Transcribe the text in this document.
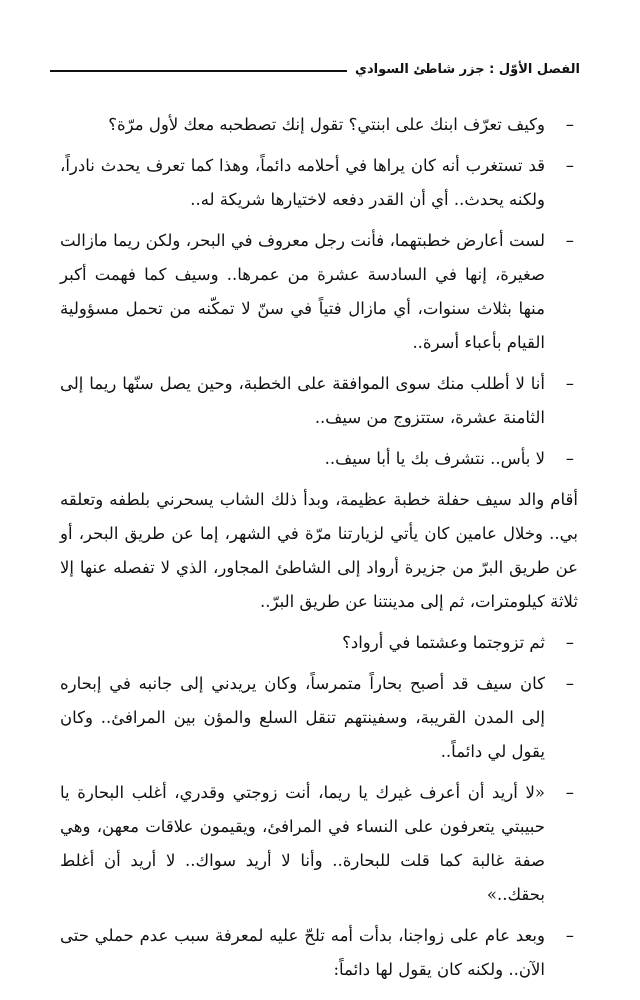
الفصل الأوّل : جزر شاطئ السوادي

–
وكيف تعرّف ابنك على ابنتي؟ تقول إنك تصطحبه معك لأول مرّة؟

–
قد تستغرب أنه كان يراها في أحلامه دائماً، وهذا كما تعرف يحدث نادراً، ولكنه يحدث.. أي أن القدر دفعه لاختيارها شريكة له..

–
لست أعارض خطبتهما، فأنت رجل معروف في البحر، ولكن ريما مازالت صغيرة، إنها في السادسة عشرة من عمرها.. وسيف كما فهمت أكبر منها بثلاث سنوات، أي مازال فتياً في سنّ لا تمكّنه من تحمل مسؤولية القيام بأعباء أسرة..

–
أنا لا أطلب منك سوى الموافقة على الخطبة، وحين يصل سنّها ريما إلى الثامنة عشرة، ستتزوج من سيف..

–
لا بأس.. نتشرف بك يا أبا سيف..

أقام والد سيف حفلة خطبة عظيمة، وبدأ ذلك الشاب يسحرني بلطفه وتعلقه بي.. وخلال عامين كان يأتي لزيارتنا مرّة في الشهر، إما عن طريق البحر، أو عن طريق البرّ من جزيرة أرواد إلى الشاطئ المجاور، الذي لا تفصله عنها إلا ثلاثة كيلومترات، ثم إلى مدينتنا عن طريق البرّ..

–
ثم تزوجتما وعشتما في أرواد؟

–
كان سيف قد أصبح بحاراً متمرساً، وكان يريدني إلى جانبه في إبحاره إلى المدن القريبة، وسفينتهم تنقل السلع والمؤن بين المرافئ.. وكان يقول لي دائماً..

–
«لا أريد أن أعرف غيرك يا ريما، أنت زوجتي وقدري، أغلب البحارة يا حبيبتي يتعرفون على النساء في المرافئ، ويقيمون علاقات معهن، وهي صفة غالبة كما قلت للبحارة.. وأنا لا أريد سواك.. لا أريد أن أغلط بحقك..»

–
وبعد عام على زواجنا، بدأت أمه تلحّ عليه لمعرفة سبب عدم حملي حتى الآن.. ولكنه كان يقول لها دائماً:
